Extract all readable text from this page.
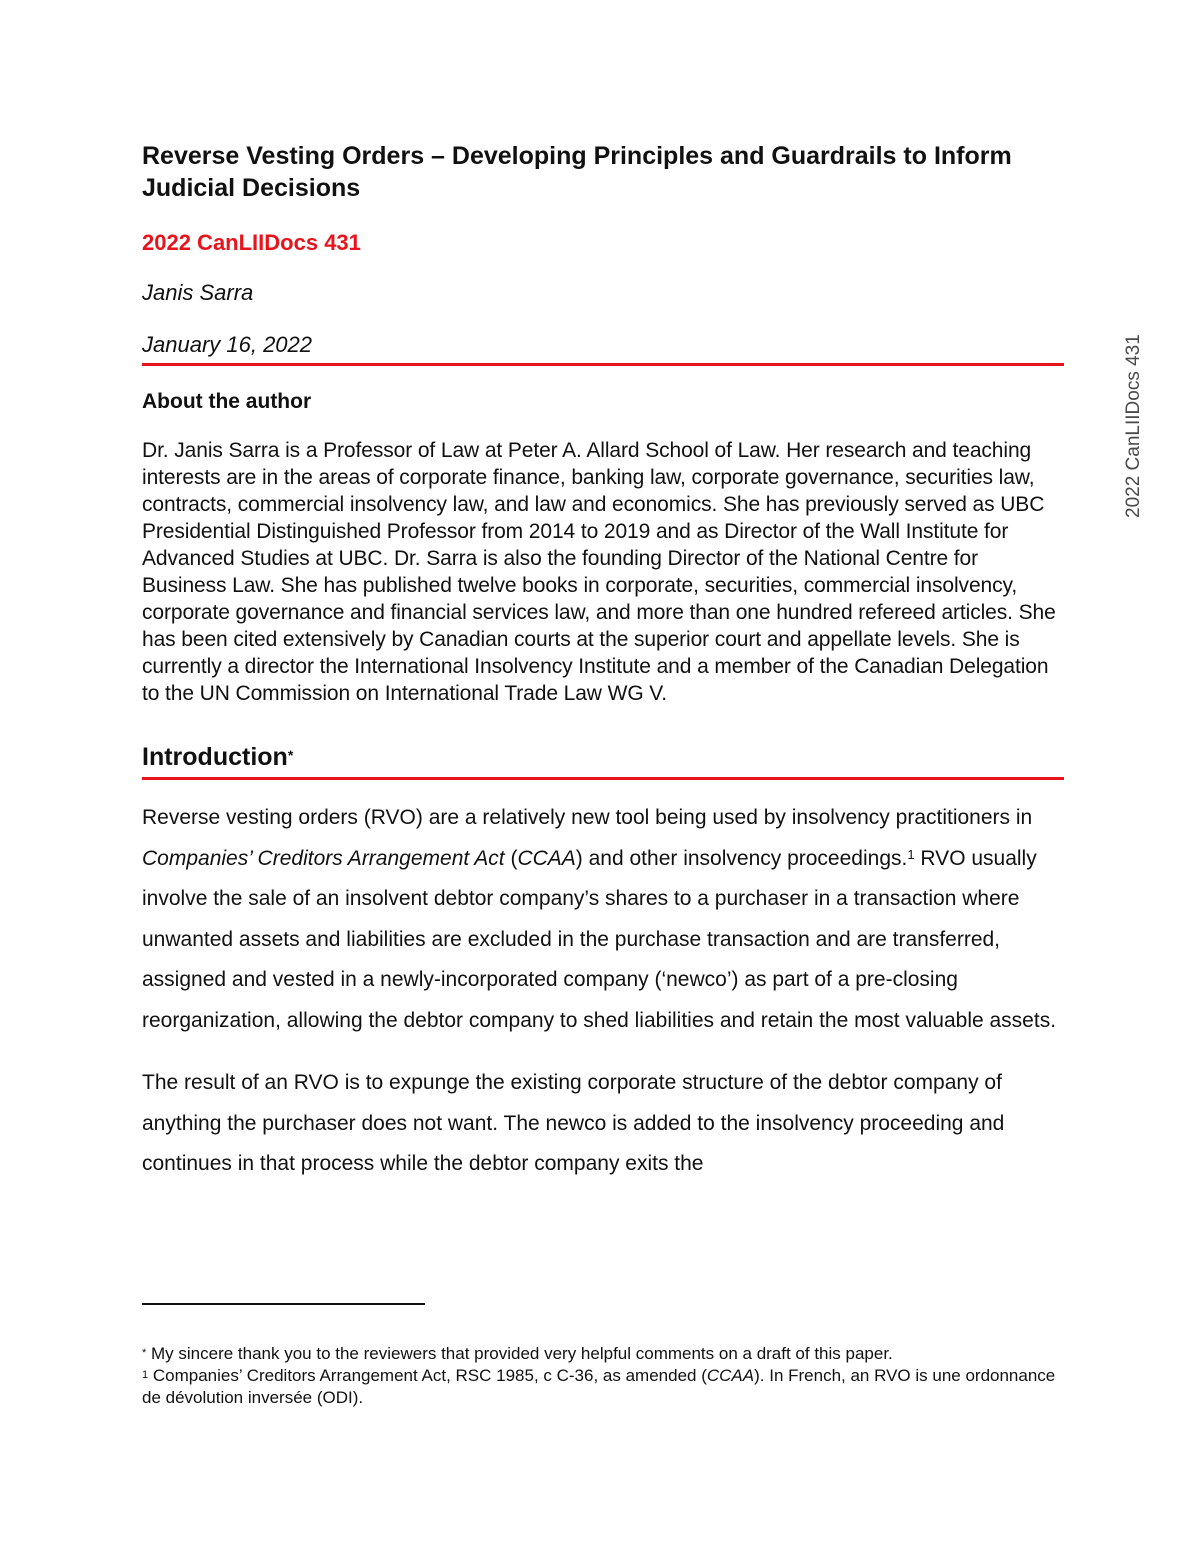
2022 CanLIIDocs 431
Reverse Vesting Orders – Developing Principles and Guardrails to Inform Judicial Decisions
2022 CanLIIDocs 431
Janis Sarra
January 16, 2022
About the author
Dr. Janis Sarra is a Professor of Law at Peter A. Allard School of Law. Her research and teaching interests are in the areas of corporate finance, banking law, corporate governance, securities law, contracts, commercial insolvency law, and law and economics. She has previously served as UBC Presidential Distinguished Professor from 2014 to 2019 and as Director of the Wall Institute for Advanced Studies at UBC. Dr. Sarra is also the founding Director of the National Centre for Business Law. She has published twelve books in corporate, securities, commercial insolvency, corporate governance and financial services law, and more than one hundred refereed articles. She has been cited extensively by Canadian courts at the superior court and appellate levels. She is currently a director the International Insolvency Institute and a member of the Canadian Delegation to the UN Commission on International Trade Law WG V.
Introduction*

Reverse vesting orders (RVO) are a relatively new tool being used by insolvency practitioners in Companies’ Creditors Arrangement Act (CCAA) and other insolvency proceedings.$^1$ RVO usually involve the sale of an insolvent debtor company’s shares to a purchaser in a transaction where unwanted assets and liabilities are excluded in the purchase transaction and are transferred, assigned and vested in a newly-incorporated company (‘newco’) as part of a pre-closing reorganization, allowing the debtor company to shed liabilities and retain the most valuable assets.

The result of an RVO is to expunge the existing corporate structure of the debtor company of anything the purchaser does not want. The newco is added to the insolvency proceeding and continues in that process while the debtor company exits the

* My sincere thank you to the reviewers that provided very helpful comments on a draft of this paper.

$^1$ Companies’ Creditors Arrangement Act, RSC 1985, c C-36, as amended (CCAA). In French, an RVO is une ordonnance de dévolution inversée (ODI).
